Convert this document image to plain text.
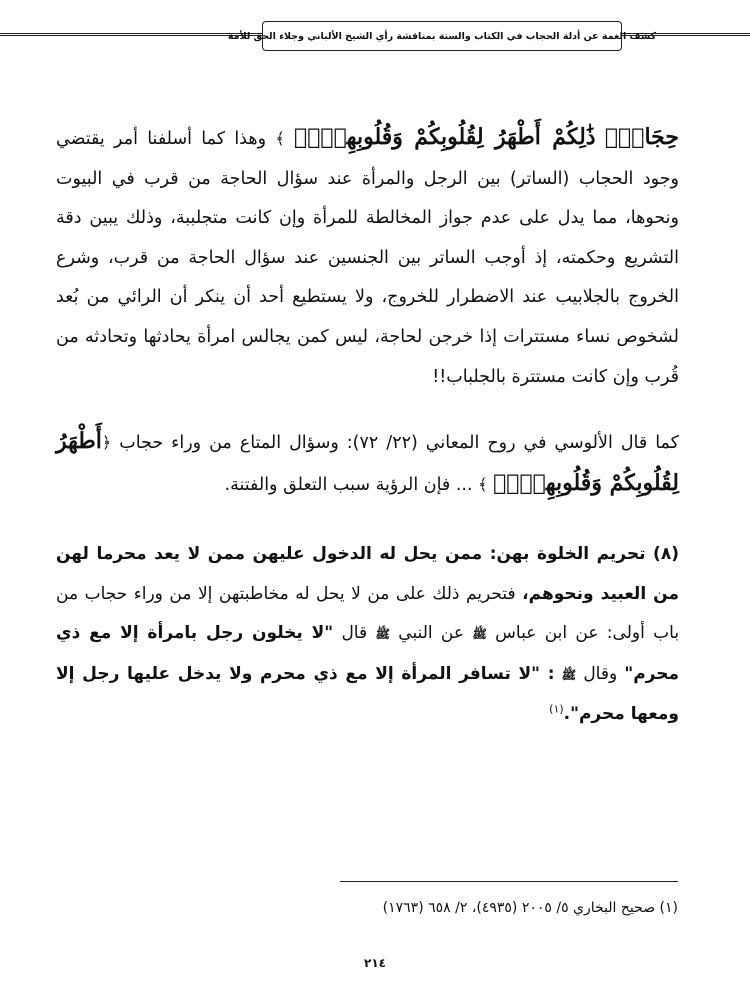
كشف الغمة عن أدلة الحجاب في الكتاب والسنة بمناقشة رأي الشيخ الألباني وجلاء الحق للأمة

حِجَابٍۚ ذَٰلِكُمْ أَطْهَرُ لِقُلُوبِكُمْ وَقُلُوبِهِنَّۚ ﴾ وهذا كما أسلفنا أمر يقتضي وجود الحجاب (الساتر) بين الرجل والمرأة عند سؤال الحاجة من قرب في البيوت ونحوها، مما يدل على عدم جواز المخالطة للمرأة وإن كانت متجلببة، وذلك يبين دقة التشريع وحكمته، إذ أوجب الساتر بين الجنسين عند سؤال الحاجة من قرب، وشرع الخروج بالجلابيب عند الاضطرار للخروج، ولا يستطيع أحد أن ينكر أن الرائي من بُعد لشخوص نساء مستترات إذا خرجن لحاجة، ليس كمن يجالس امرأة يحادثها وتحادثه من قُرب وإن كانت مستترة بالجلباب!!

كما قال الألوسي في روح المعاني (٢٢/ ٧٢): وسؤال المتاع من وراء حجاب ﴿أَطْهَرُ لِقُلُوبِكُمْ وَقُلُوبِهِنَّۚ ﴾ ... فإن الرؤية سبب التعلق والفتنة.

(٨) تحريم الخلوة بهن: ممن يحل له الدخول عليهن ممن لا يعد محرما لهن من العبيد ونحوهم، فتحريم ذلك على من لا يحل له مخاطبتهن إلا من وراء حجاب من باب أولى: عن ابن عباس ﷺ عن النبي ﷺ قال "لا يخلون رجل بامرأة إلا مع ذي محرم" وقال ﷺ : "لا تسافر المرأة إلا مع ذي محرم ولا يدخل عليها رجل إلا ومعها محرم".$^{(١)}$

(١) صحيح البخاري ٥/ ٢٠٠٥ (٤٩٣٥)، ٢/ ٦٥٨ (١٧٦٣)
٢١٤
